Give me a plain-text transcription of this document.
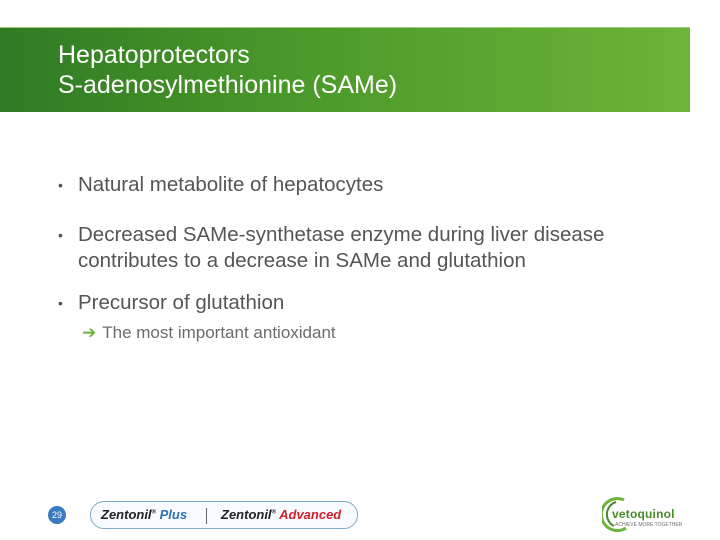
Hepatoprotectors
S-adenosylmethionine (SAMe)
• Natural metabolite of hepatocytes
• Decreased SAMe-synthetase enzyme during liver disease contributes to a decrease in SAMe and glutathion
• Precursor of glutathion
➔ The most important antioxidant
29	Zentonil® Plus	Zentonil® Advanced	vetoquinol
ACHIEVE MORE TOGETHER
